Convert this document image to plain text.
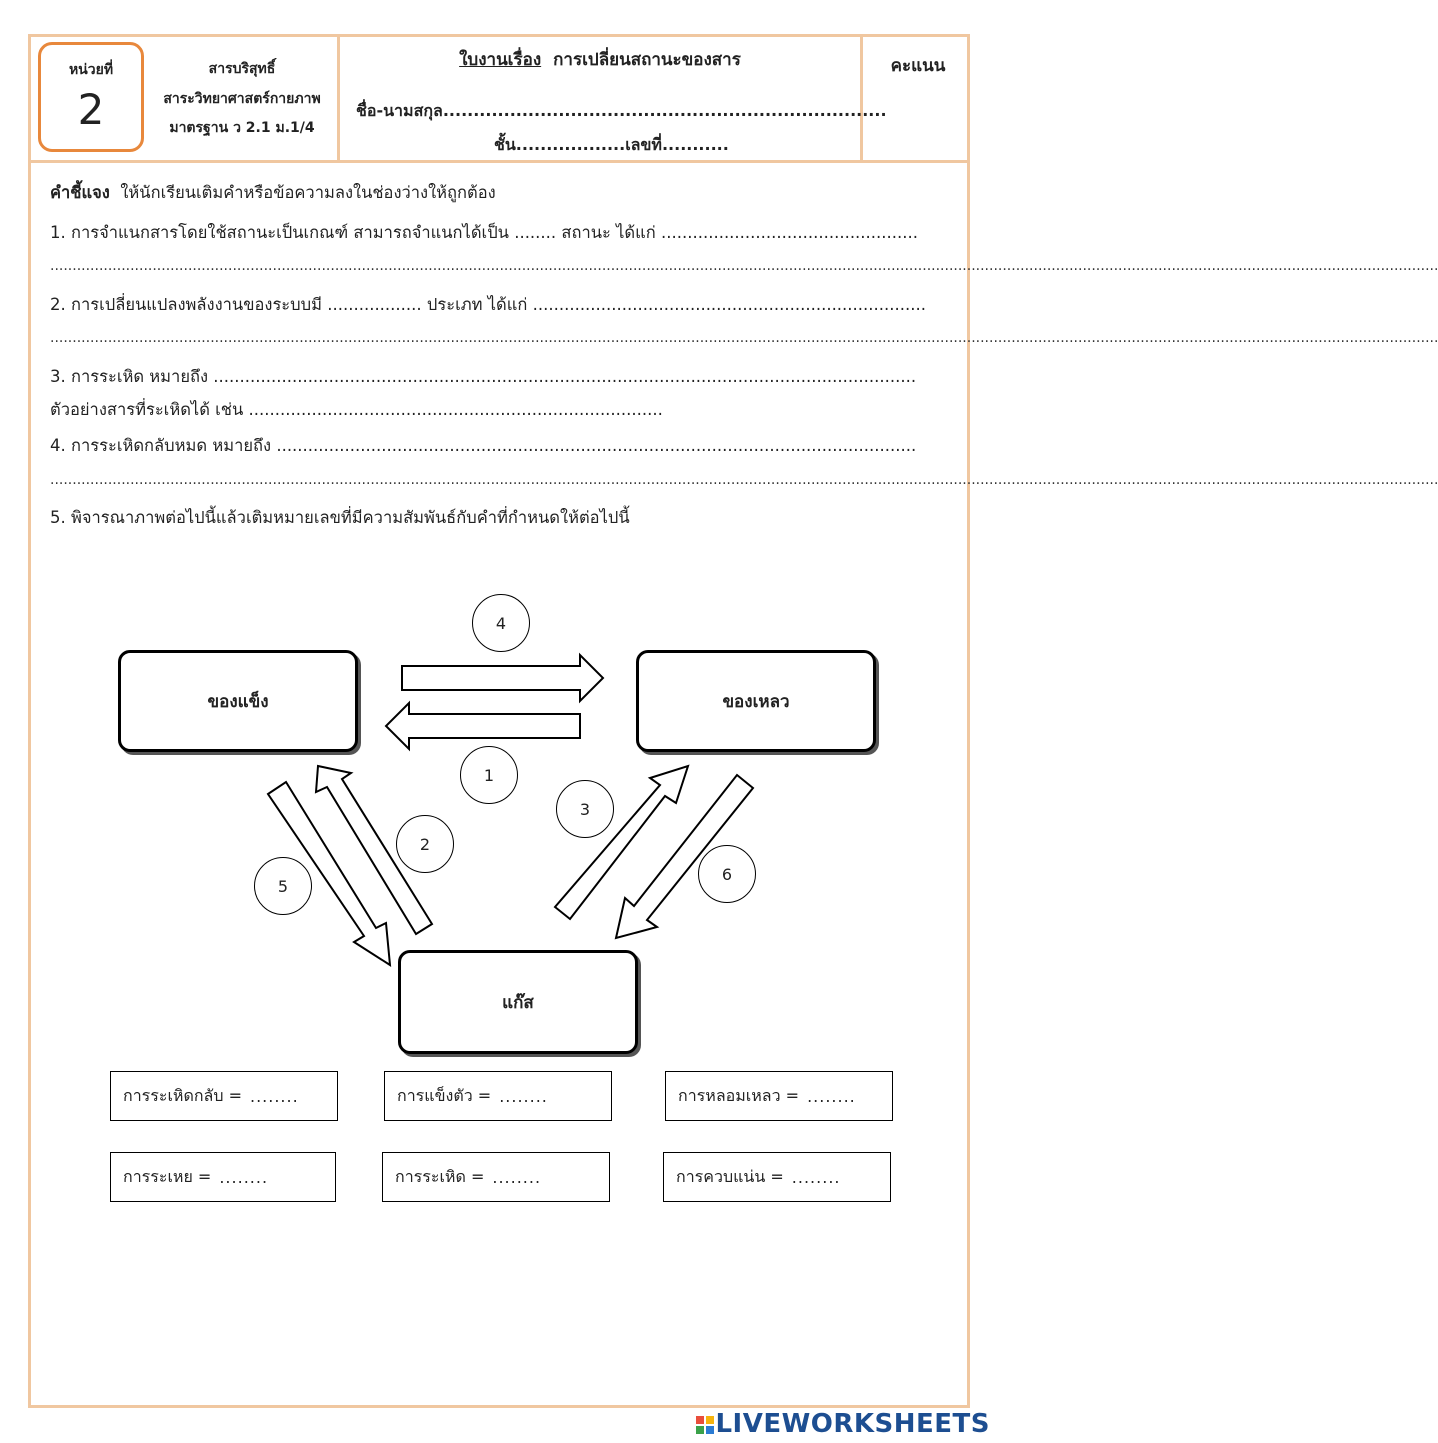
หน่วยที่
2
สารบริสุทธิ์
สาระวิทยาศาสตร์กายภาพ
มาตรฐาน ว 2.1 ม.1/4
ใบงานเรื่อง การเปลี่ยนสถานะของสาร
ชื่อ-นามสกุล.........................................................................
ชั้น..................เลขที่...........
คะแนน
คำชี้แจง ให้นักเรียนเติมคำหรือข้อความลงในช่องว่างให้ถูกต้อง
1. การจำแนกสารโดยใช้สถานะเป็นเกณฑ์ สามารถจำแนกได้เป็น ........ สถานะ ได้แก่ .................................................
........................................................................................................................................................................................................................................................................................................................
2. การเปลี่ยนแปลงพลังงานของระบบมี .................. ประเภท ได้แก่ ...........................................................................
........................................................................................................................................................................................................................................................................................................................
3. การระเหิด หมายถึง ......................................................................................................................................
ตัวอย่างสารที่ระเหิดได้ เช่น ...............................................................................
4. การระเหิดกลับหมด หมายถึง ..........................................................................................................................
........................................................................................................................................................................................................................................................................................................................
5. พิจารณาภาพต่อไปนี้แล้วเติมหมายเลขที่มีความสัมพันธ์กับคำที่กำหนดให้ต่อไปนี้
ของแข็ง	ของเหลว
แก๊ส
4
1
2
3
5
6
การระเหิดกลับ = ........	การแข็งตัว = ........	การหลอมเหลว = ........
การระเหย = ........	การระเหิด = ........	การควบแน่น = ........

LIVEWORKSHEETS
